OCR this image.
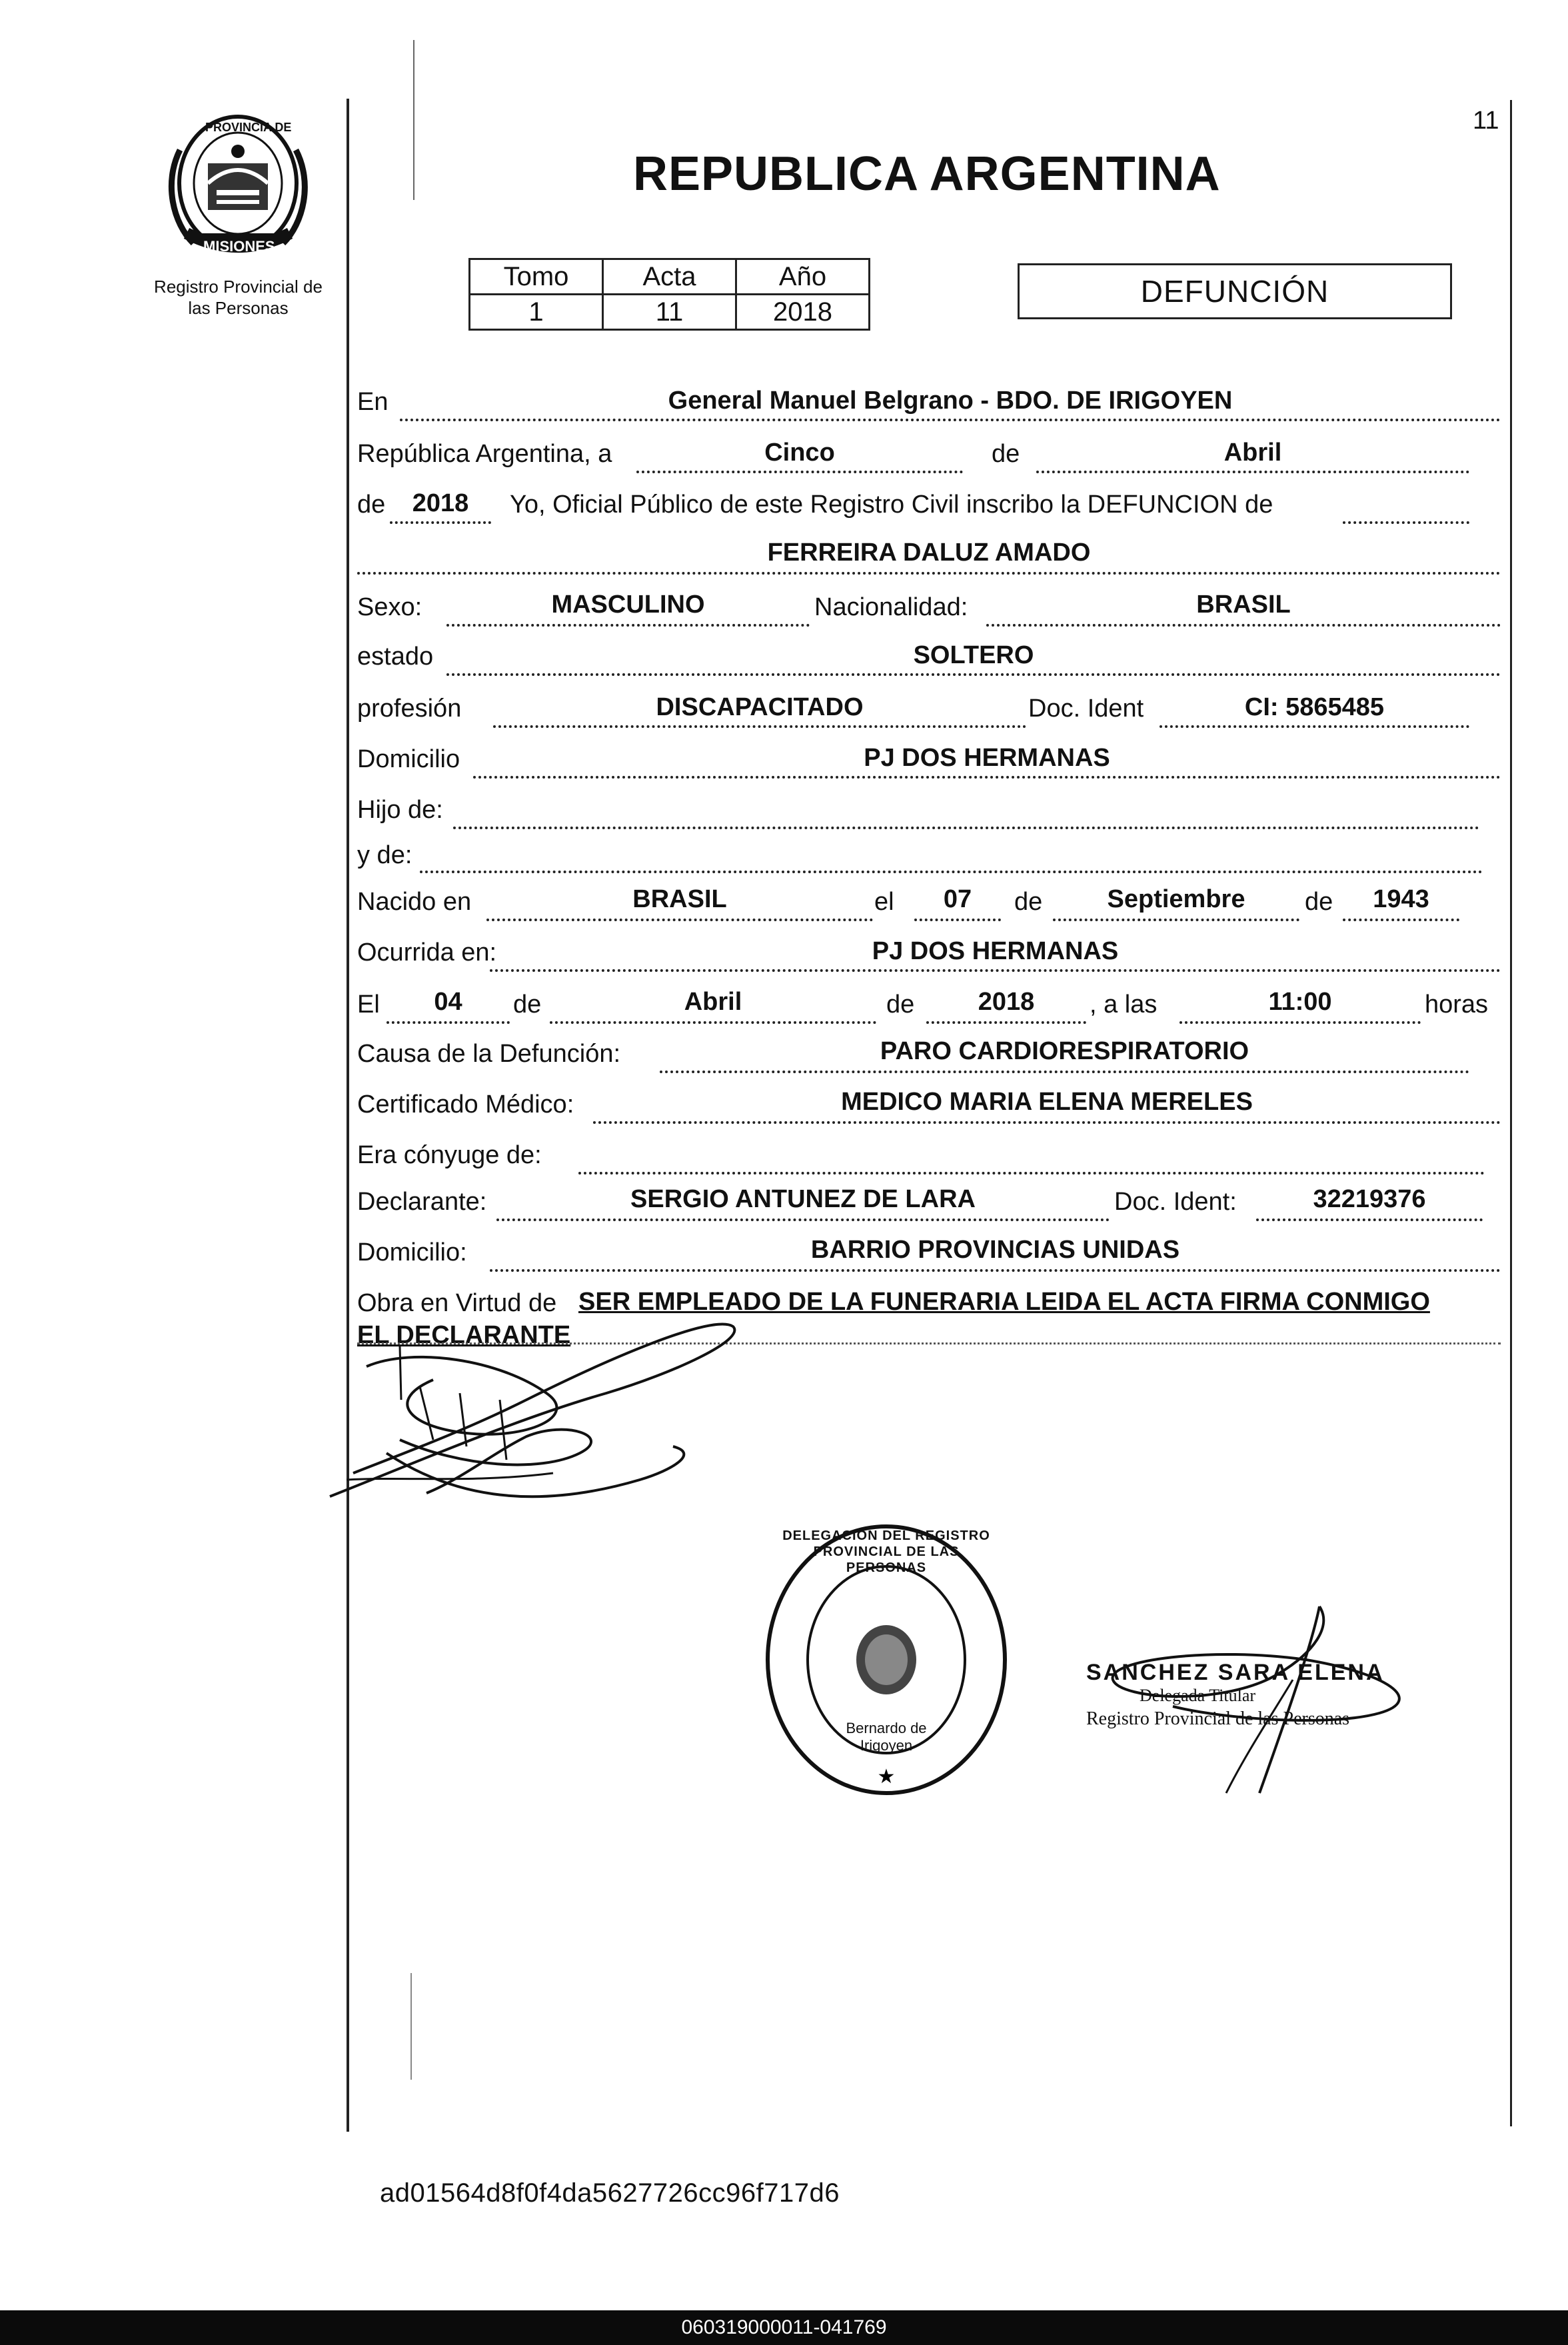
PROVINCIA DE
MISIONES
Registro Provincial de
las Personas
REPUBLICA ARGENTINA
11
Tomo	Acta	Año
1	11	2018
DEFUNCIÓN
En	General Manuel Belgrano - BDO. DE IRIGOYEN
República Argentina, a	Cinco	de	Abril
de	2018	Yo, Oficial Público de este Registro Civil inscribo la DEFUNCION de
FERREIRA DALUZ AMADO
Sexo:	MASCULINO	Nacionalidad:	BRASIL
estado	SOLTERO
profesión	DISCAPACITADO	Doc. Ident	CI: 5865485
Domicilio	PJ DOS HERMANAS
Hijo de:
y de:
Nacido en	BRASIL	el	07	de	Septiembre	de	1943
Ocurrida en:	PJ DOS HERMANAS
El	04	de	Abril	de	2018	, a las	11:00	horas
Causa de la Defunción:	PARO CARDIORESPIRATORIO
Certificado Médico:	MEDICO MARIA ELENA MERELES
Era cónyuge de:
Declarante:	SERGIO ANTUNEZ DE LARA	Doc. Ident:	32219376
Domicilio:	BARRIO PROVINCIAS UNIDAS
Obra en Virtud de SER EMPLEADO DE LA FUNERARIA LEIDA EL ACTA FIRMA CONMIGO
EL DECLARANTE
★
DELEGACION DEL REGISTRO PROVINCIAL DE LAS PERSONAS
Bernardo de Irigoyen
SANCHEZ SARA ELENA
Delegada Titular
Registro Provincial de las Personas
ad01564d8f0f4da5627726cc96f717d6
060319000011-041769
